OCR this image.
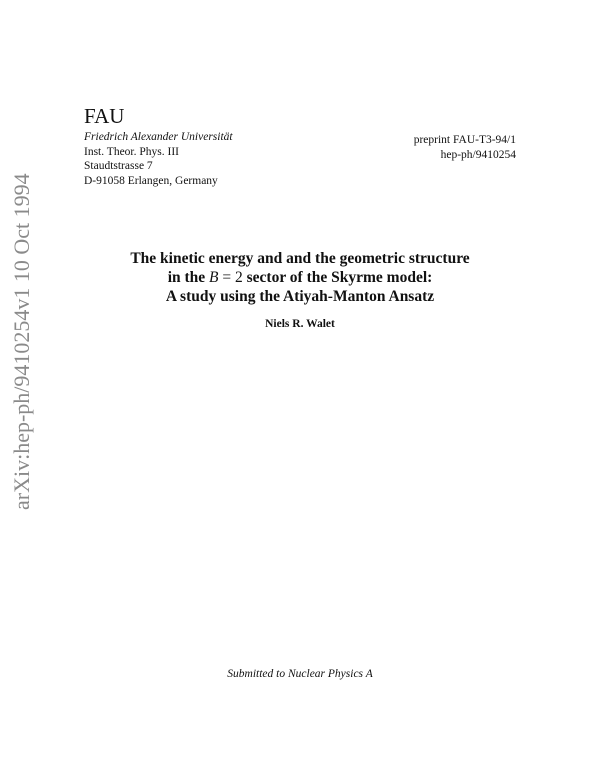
arXiv:hep-ph/9410254v1 10 Oct 1994
FAU
Friedrich Alexander Universität
Inst. Theor. Phys. III
Staudtstrasse 7
D-91058 Erlangen, Germany
preprint FAU-T3-94/1
hep-ph/9410254
The kinetic energy and and the geometric structure
in the B = 2 sector of the Skyrme model:
A study using the Atiyah-Manton Ansatz
Niels R. Walet
Submitted to Nuclear Physics A
